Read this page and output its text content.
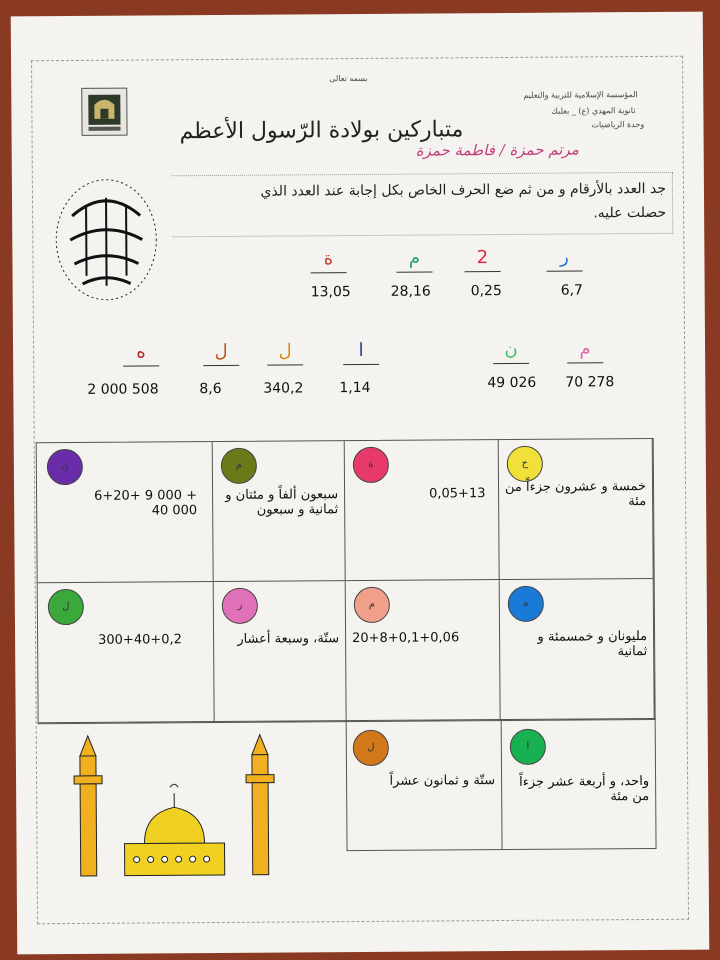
بسمه تعالى
المؤسسة الإسلامية للتربية والتعليم
ثانوية المهدي (ع) _ بعلبك
وحدة الرياضيات
متباركين بولادة الرّسول الأعظم
مرتم حمزة / فاطمة حمزة
جد العدد بالأرقام و من ثم ضع الحرف الخاص بكل إجابة عند العدد الذي
حصلت عليه.
ر
6,7
2
0,25
م
28,16
ة
13,05
م
70 278
ن
49 026
ا
1,14
ل
340,2
ل
8,6
ه
2 000 508
ح
خمسة و عشرون جزءاً من مئة
ة
0,05+13
م
سبعون ألفاً و مئتان و ثمانية و سبعون
ن
6+20+ 9 000 + 40 000
ه
مليونان و خمسمئة و ثمانية
م
20+8+0,1+0,06
ر
ستّة، وسبعة أعشار
ل
300+40+0,2
ا
واحد، و أربعة عشر جزءاً من مئة
ل
ستّة و ثمانون عشراً
